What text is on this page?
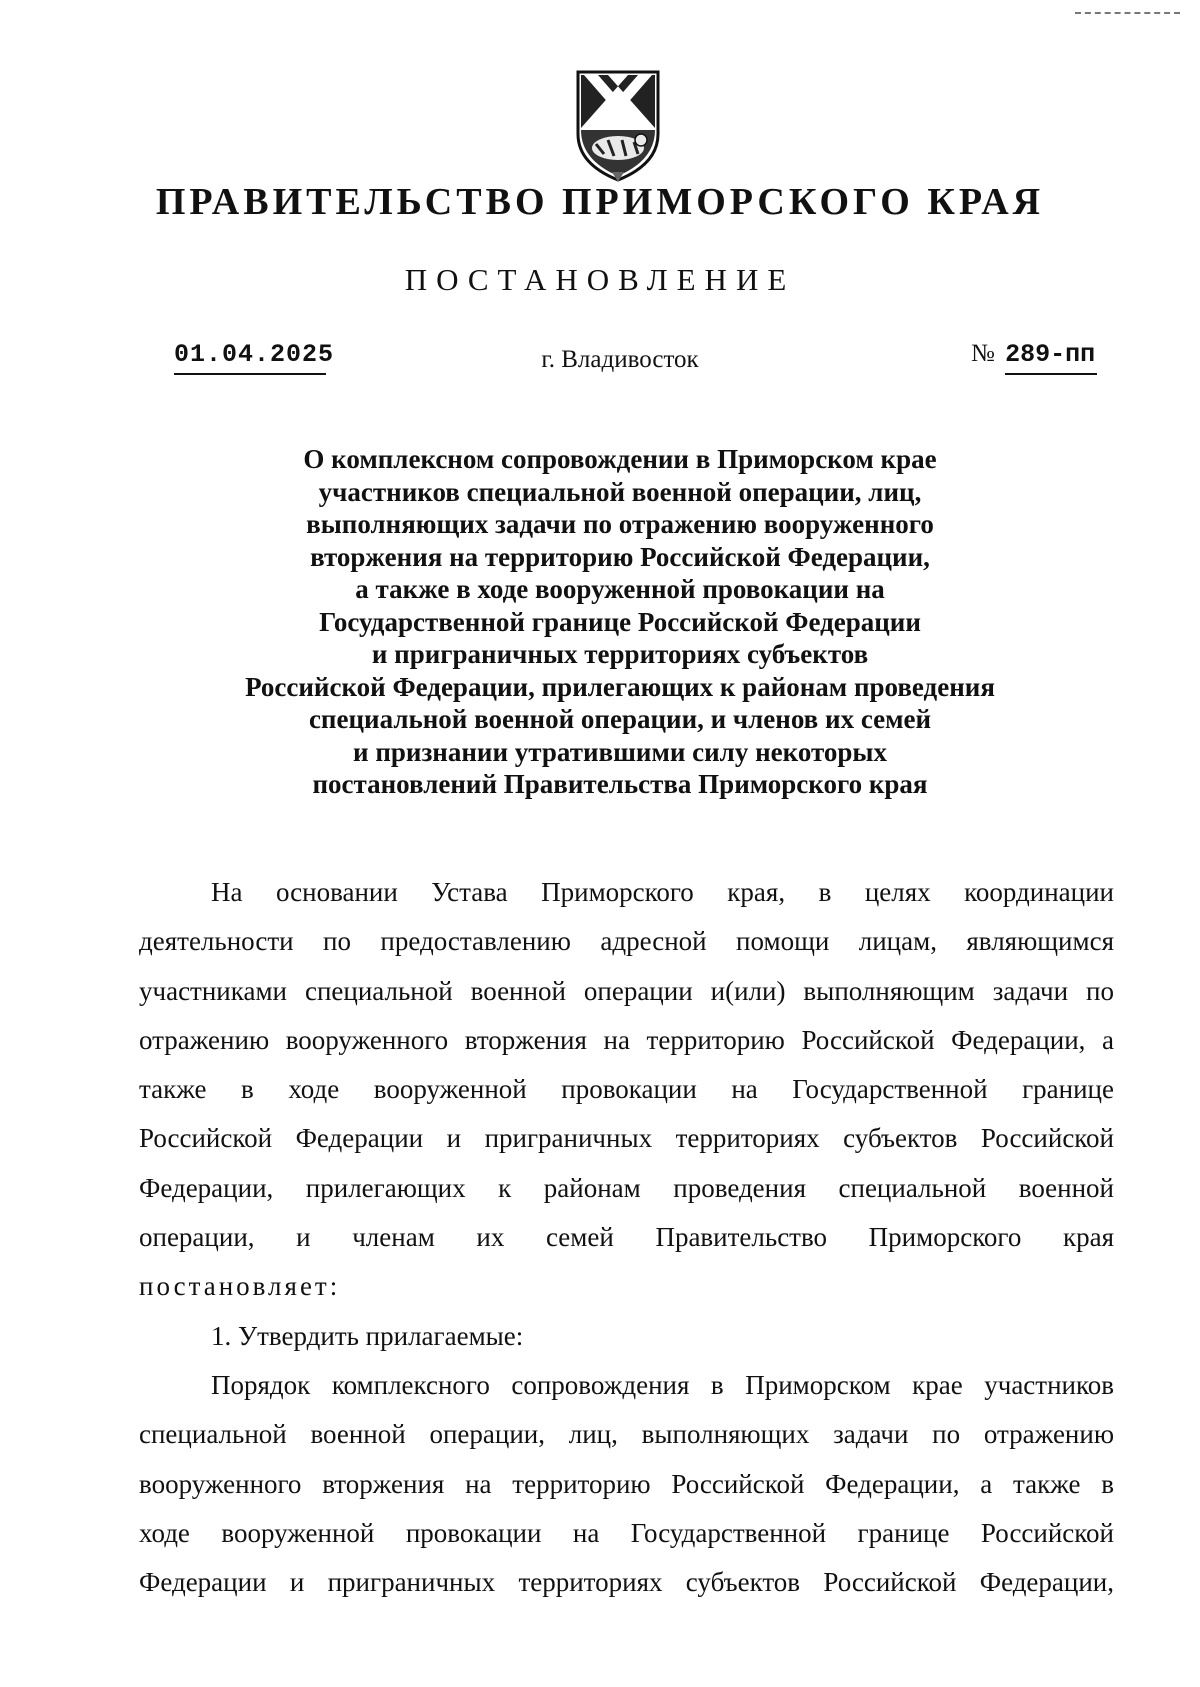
ПРАВИТЕЛЬСТВО ПРИМОРСКОГО КРАЯ
ПОСТАНОВЛЕНИЕ
01.04.2025	г. Владивосток	№ 289-пп
О комплексном сопровождении в Приморском крае
участников специальной военной операции, лиц,
выполняющих задачи по отражению вооруженного
вторжения на территорию Российской Федерации,
а также в ходе вооруженной провокации на
Государственной границе Российской Федерации
и приграничных территориях субъектов
Российской Федерации, прилегающих к районам проведения
специальной военной операции, и членов их семей
и признании утратившими силу некоторых
постановлений Правительства Приморского края

На основании Устава Приморского края, в целях координации
деятельности по предоставлению адресной помощи лицам, являющимся
участниками специальной военной операции и(или) выполняющим задачи по
отражению вооруженного вторжения на территорию Российской Федерации, а
также в ходе вооруженной провокации на Государственной границе
Российской Федерации и приграничных территориях субъектов Российской
Федерации, прилегающих к районам проведения специальной военной
операции, и членам их семей Правительство Приморского края
постановляет:

1. Утвердить прилагаемые:

Порядок комплексного сопровождения в Приморском крае участников
специальной военной операции, лиц, выполняющих задачи по отражению
вооруженного вторжения на территорию Российской Федерации, а также в
ходе вооруженной провокации на Государственной границе Российской
Федерации и приграничных территориях субъектов Российской Федерации,
